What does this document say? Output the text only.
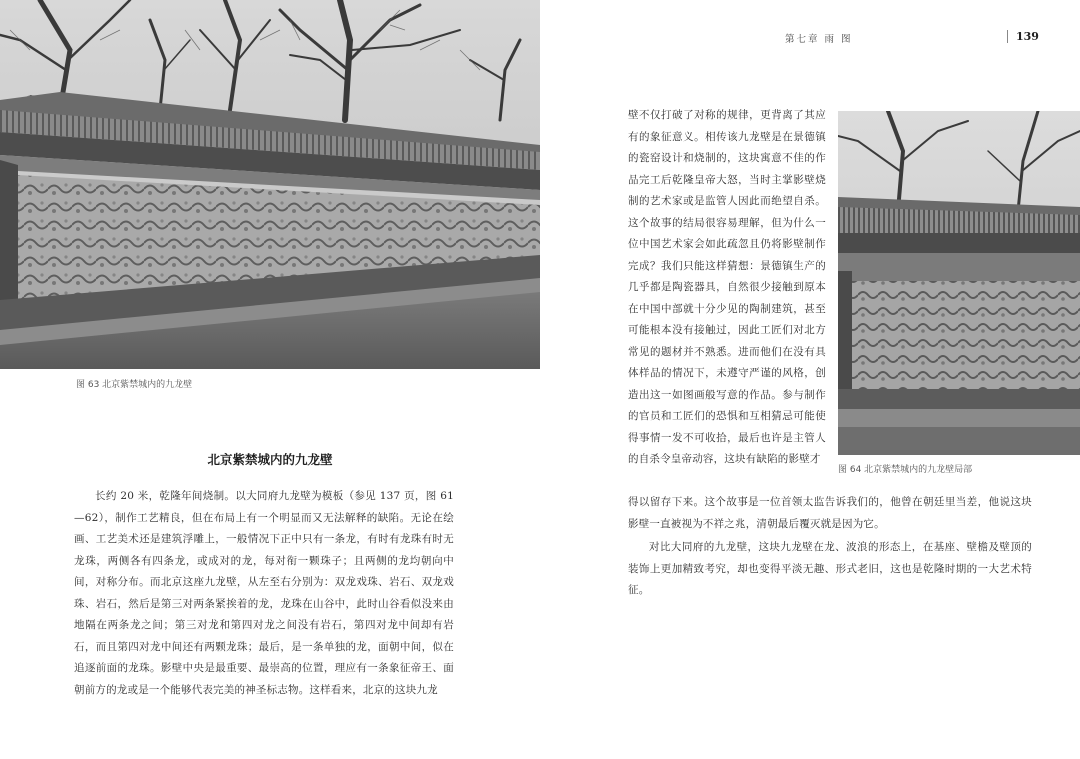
图 63 北京紫禁城内的九龙壁
北京紫禁城内的九龙壁
长约 20 米，乾隆年间烧制。以大同府九龙壁为模板（参见 137 页，图 61—62），制作工艺精良，但在布局上有一个明显而又无法解释的缺陷。无论在绘画、工艺美术还是建筑浮雕上，一般情况下正中只有一条龙，有时有龙珠有时无龙珠，两侧各有四条龙，或成对的龙，每对衔一颗珠子；且两侧的龙均朝向中间，对称分布。而北京这座九龙壁，从左至右分别为：双龙戏珠、岩石、双龙戏珠、岩石，然后是第三对两条紧挨着的龙，龙珠在山谷中，此时山谷看似没来由地隔在两条龙之间；第三对龙和第四对龙之间没有岩石，第四对龙中间却有岩石，而且第四对龙中间还有两颗龙珠；最后，是一条单独的龙，面朝中间，似在追逐前面的龙珠。影壁中央是最重要、最崇高的位置，理应有一条象征帝王、面朝前方的龙或是一个能够代表完美的神圣标志物。这样看来，北京的这块九龙
第七章 雨 图	139
壁不仅打破了对称的规律，更背离了其应有的象征意义。相传该九龙壁是在景德镇的瓷窑设计和烧制的，这块寓意不佳的作品完工后乾隆皇帝大怒，当时主掌影壁烧制的艺术家或是监管人因此而绝望自杀。这个故事的结局很容易理解，但为什么一位中国艺术家会如此疏忽且仍将影壁制作完成？我们只能这样猜想：景德镇生产的几乎都是陶瓷器具，自然很少接触到原本在中国中部就十分少见的陶制建筑，甚至可能根本没有接触过，因此工匠们对北方常见的题材并不熟悉。进而他们在没有具体样品的情况下，未遵守严谨的风格，创造出这一如图画般写意的作品。参与制作的官员和工匠们的恐惧和互相猜忌可能使得事情一发不可收拾，最后也许是主管人的自杀令皇帝动容，这块有缺陷的影壁才
图 64 北京紫禁城内的九龙壁局部

得以留存下来。这个故事是一位首领太监告诉我们的，他曾在朝廷里当差，他说这块影壁一直被视为不祥之兆，清朝最后覆灭就是因为它。

对比大同府的九龙壁，这块九龙壁在龙、波浪的形态上，在基座、壁檐及壁顶的装饰上更加精致考究，却也变得平淡无趣、形式老旧，这也是乾隆时期的一大艺术特征。
